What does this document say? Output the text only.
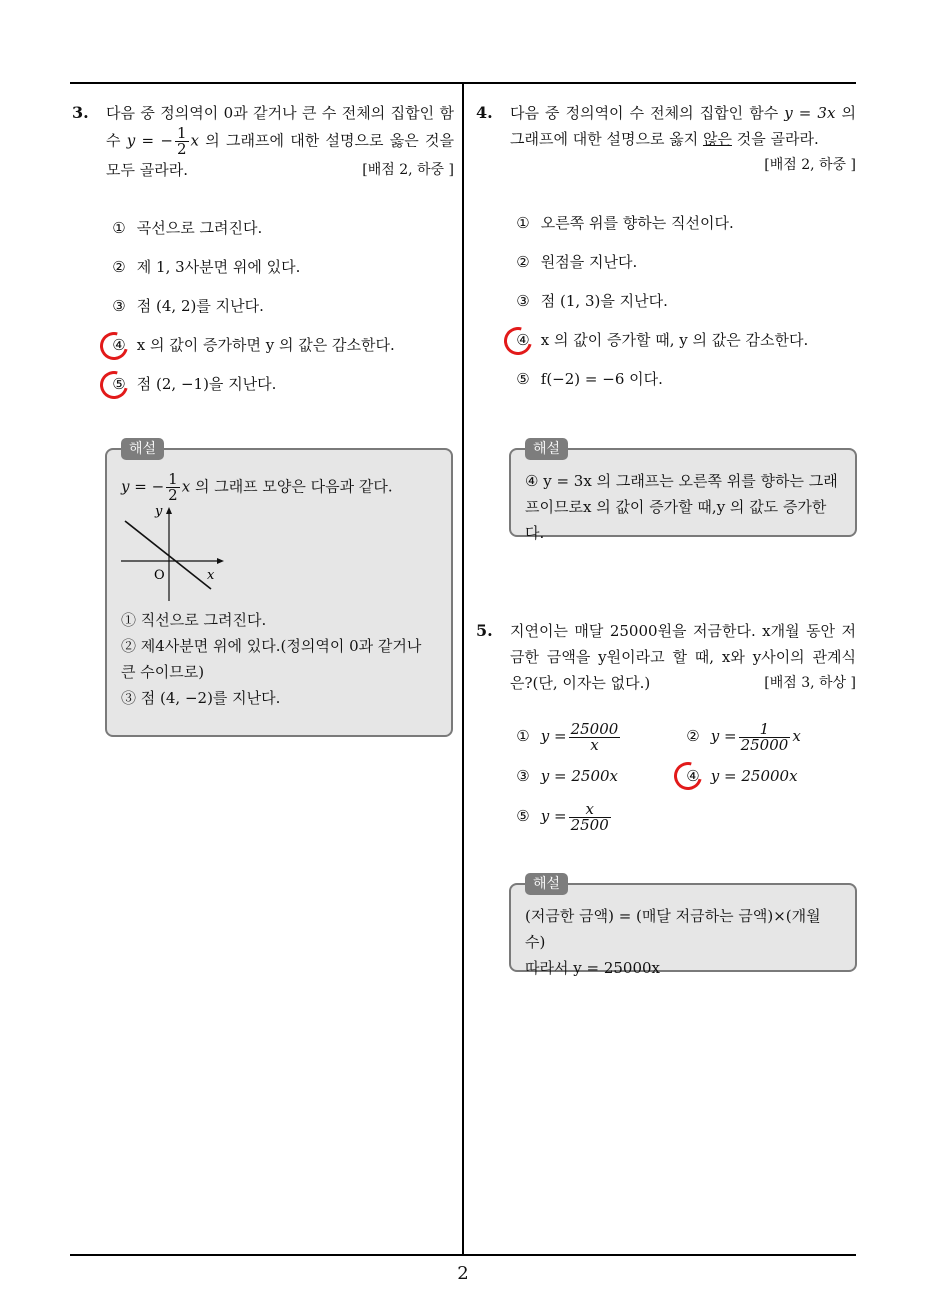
3. 다음 중 정의역이 0과 같거나 큰 수 전체의 집합인 함수 y = − $\frac{1}{2}$ x 의 그래프에 대한 설명으로 옳은 것을 모두 골라라.	[배점 2, 하중 ]
① 곡선으로 그려진다.
② 제 1, 3사분면 위에 있다.
③ 점 (4, 2)를 지난다.
④ x 의 값이 증가하면 y 의 값은 감소한다.
⑤ 점 (2, −1)을 지난다.
해설
y = − $\frac{1}{2}$ x 의 그래프 모양은 다음과 같다.
y
x
O
① 직선으로 그려진다.
② 제4사분면 위에 있다.(정의역이 0과 같거나 큰 수이므로)
③ 점 (4, −2)를 지난다.
4. 다음 중 정의역이 수 전체의 집합인 함수 y = 3x 의 그래프에 대한 설명으로 옳지 않은 것을 골라라.
[배점 2, 하중 ]
① 오른쪽 위를 향하는 직선이다.
② 원점을 지난다.
③ 점 (1, 3)을 지난다.
④ x 의 값이 증가할 때, y 의 값은 감소한다.
⑤ f(−2) = −6 이다.
해설
④ y = 3x 의 그래프는 오른쪽 위를 향하는 그래프이므로x 의 값이 증가할 때,y 의 값도 증가한다.
5. 지연이는 매달 25000원을 저금한다. x개월 동안 저금한 금액을 y원이라고 할 때, x와 y사이의 관계식은?(단, 이자는 없다.)	[배점 3, 하상 ]
① $y = \frac{25000}{x}$	② $y = \frac{1}{25000}$ x
③ y = 2500x	④ y = 25000x
⑤ $y = \frac{x}{2500}$
해설
(저금한 금액) = (매달 저금하는 금액)×(개월 수)
따라서 y = 25000x
2
